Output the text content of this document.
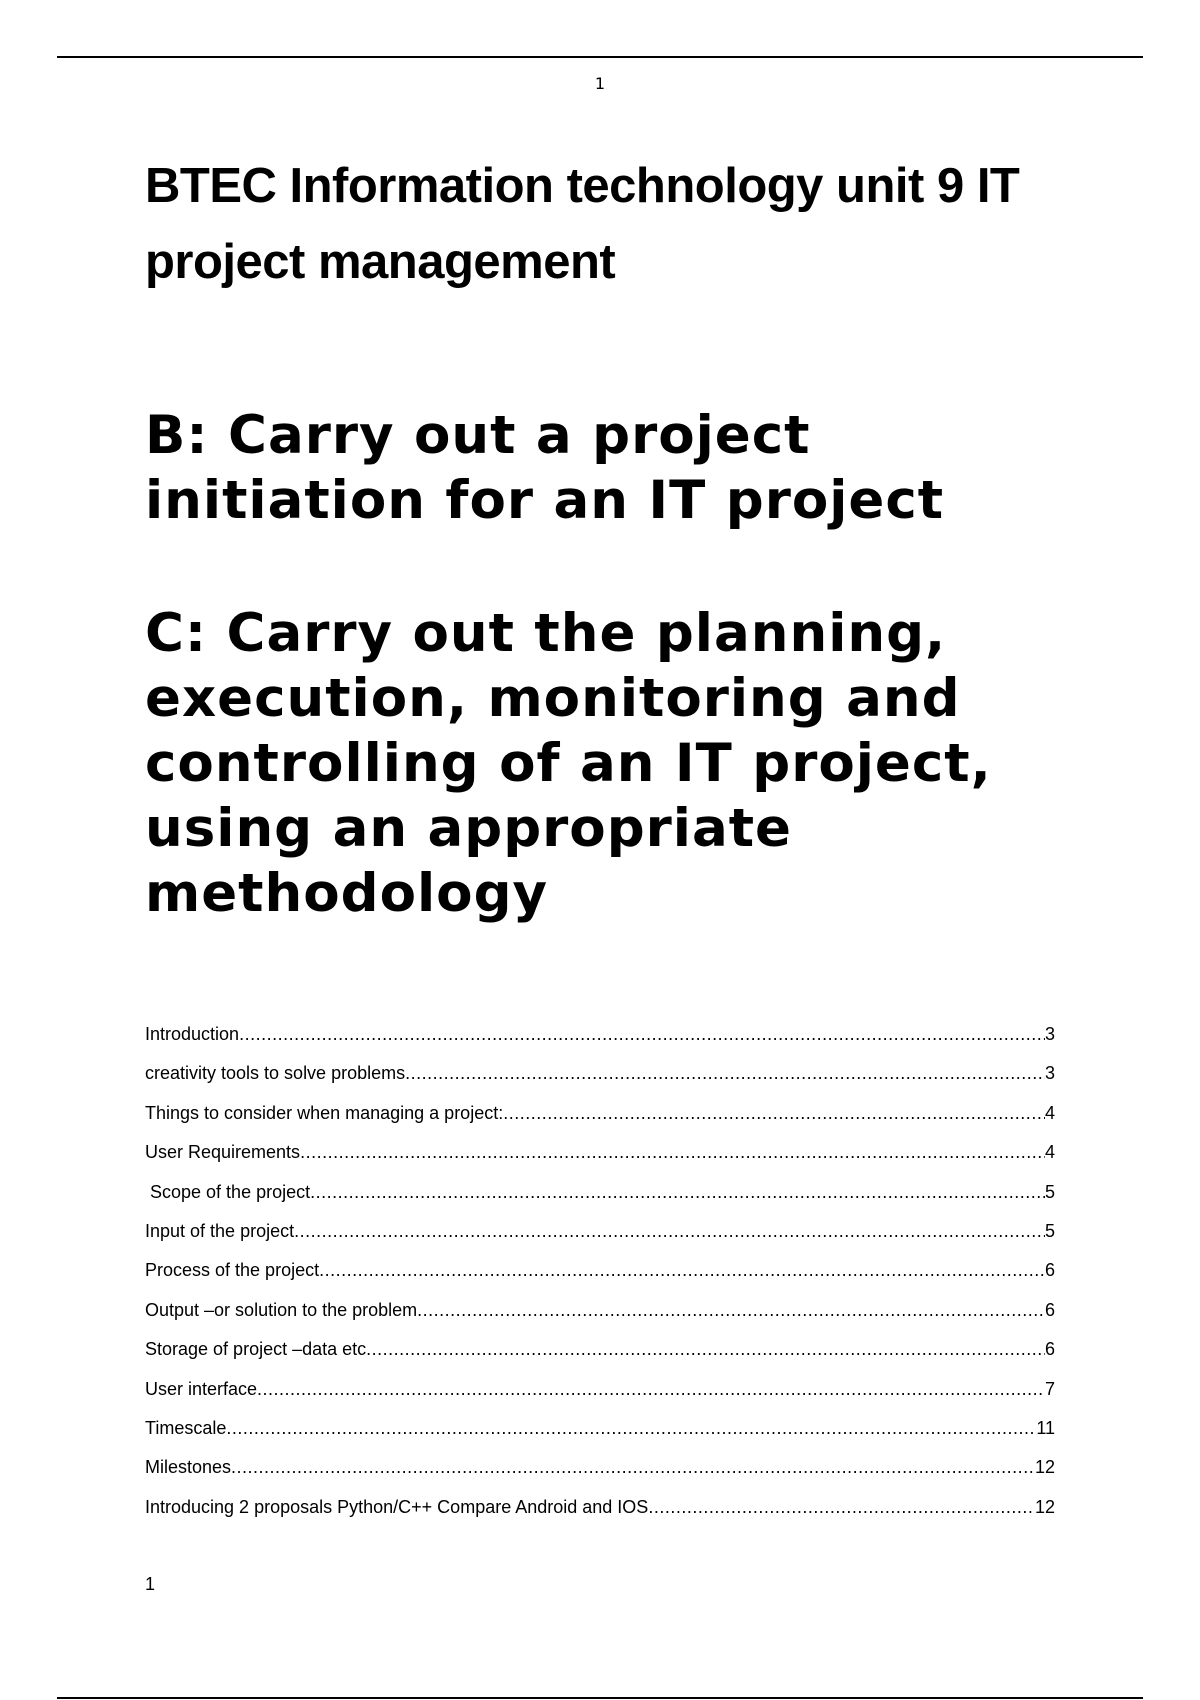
1
BTEC Information technology unit 9 IT project management
B: Carry out a project initiation for an IT project
C: Carry out the planning, execution, monitoring and controlling of an IT project, using an appropriate methodology
Introduction .....	3
creativity tools to solve problems .....	3
Things to consider when managing a project: .....	4
User Requirements .....	4
Scope of the project .....	5
Input of the project .....	5
Process of the project .....	6
Output –or solution to the problem .....	6
Storage of project –data etc .....	6
User interface .....	7
Timescale .....	11
Milestones .....	12
Introducing 2 proposals Python/C++ Compare Android and IOS .....	12
1
